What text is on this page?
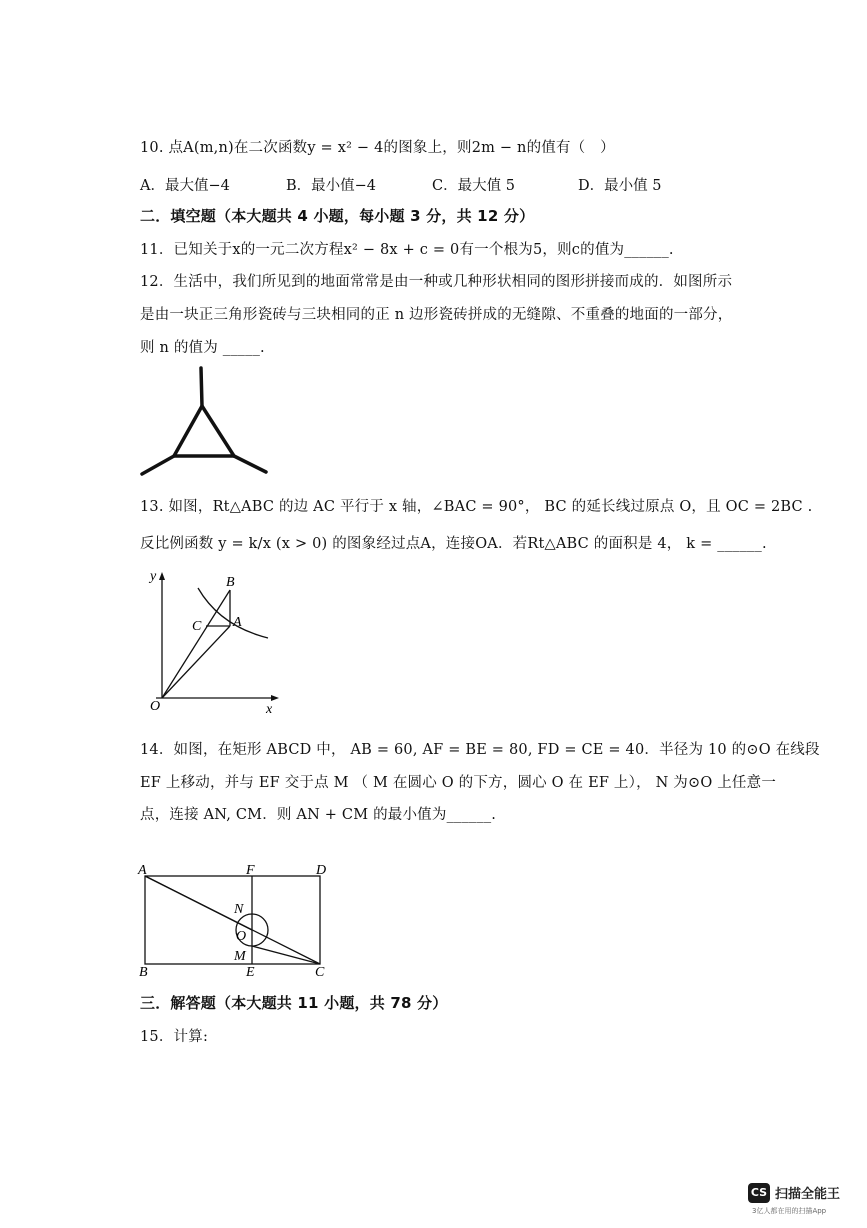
10. 点A(m,n)在二次函数y = x² − 4的图象上，则2m − n的值有（　）
A．最大值−4	B．最小值−4	C．最大值 5	D．最小值 5
二．填空题（本大题共 4 小题，每小题 3 分，共 12 分）
11．已知关于x的一元二次方程x² − 8x + c = 0有一个根为5，则c的值为______.
12．生活中，我们所见到的地面常常是由一种或几种形状相同的图形拼接而成的．如图所示
是由一块正三角形瓷砖与三块相同的正 n 边形瓷砖拼成的无缝隙、不重叠的地面的一部分，
则 n 的值为 _____.
13. 如图，Rt△ABC 的边 AC 平行于 x 轴，∠BAC = 90°， BC 的延长线过原点 O，且 OC = 2BC .
反比例函数 y = k/x (x > 0) 的图象经过点A，连接OA．若Rt△ABC 的面积是 4， k = ______.
y
x
O
B
A
C
14．如图，在矩形 ABCD 中， AB = 60, AF = BE = 80, FD = CE = 40．半径为 10 的⊙O 在线段
EF 上移动，并与 EF 交于点 M （ M 在圆心 O 的下方，圆心 O 在 EF 上）， N 为⊙O 上任意一
点，连接 AN, CM．则 AN + CM 的最小值为______.
A	F	D
B	E	C
N
O
M
三．解答题（本大题共 11 小题，共 78 分）
15．计算:
CS 扫描全能王
3亿人都在用的扫描App
